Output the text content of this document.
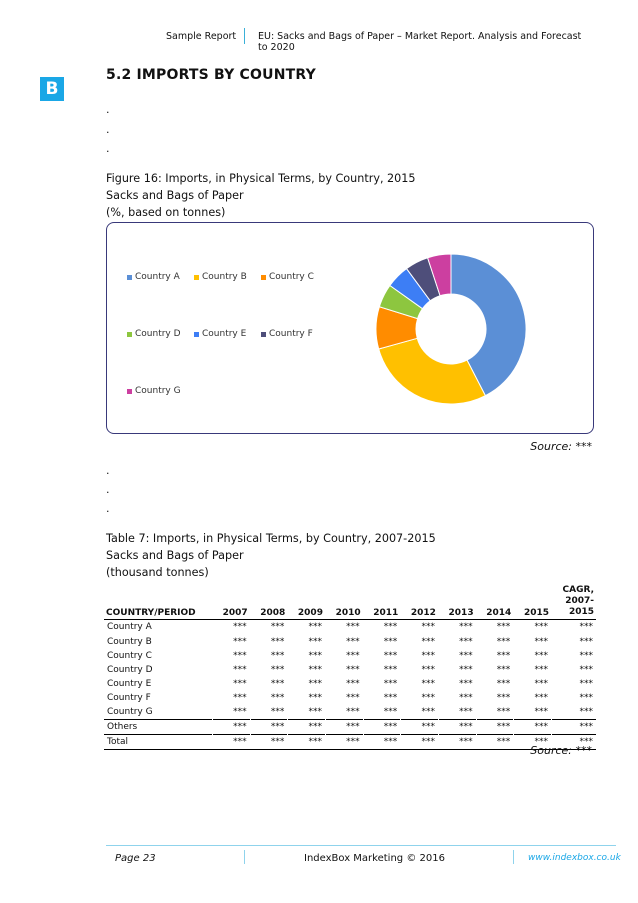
Sample Report EU: Sacks and Bags of Paper – Market Report. Analysis and Forecast to 2020
B
5.2 IMPORTS BY COUNTRY
.
.
.
Figure 16: Imports, in Physical Terms, by Country, 2015
Sacks and Bags of Paper
(%, based on tonnes)
Country A Country B Country C
Country D Country E	Country F
Country G
Source: ***
.
.
.
Table 7: Imports, in Physical Terms, by Country, 2007-2015
Sacks and Bags of Paper
(thousand tonnes)
COUNTRY/PERIOD	2007	2008	2009	2010	2011	2012	2013	2014	2015	CAGR, 2007-2015
Country A	***	***	***	***	***	***	***	***	***	***
Country B	***	***	***	***	***	***	***	***	***	***
Country C	***	***	***	***	***	***	***	***	***	***
Country D	***	***	***	***	***	***	***	***	***	***
Country E	***	***	***	***	***	***	***	***	***	***
Country F	***	***	***	***	***	***	***	***	***	***
Country G	***	***	***	***	***	***	***	***	***	***
Others	***	***	***	***	***	***	***	***	***	***
Total	***	***	***	***	***	***	***	***	***	***
Source: ***
Page 23	IndexBox Marketing © 2016	www.indexbox.co.uk
